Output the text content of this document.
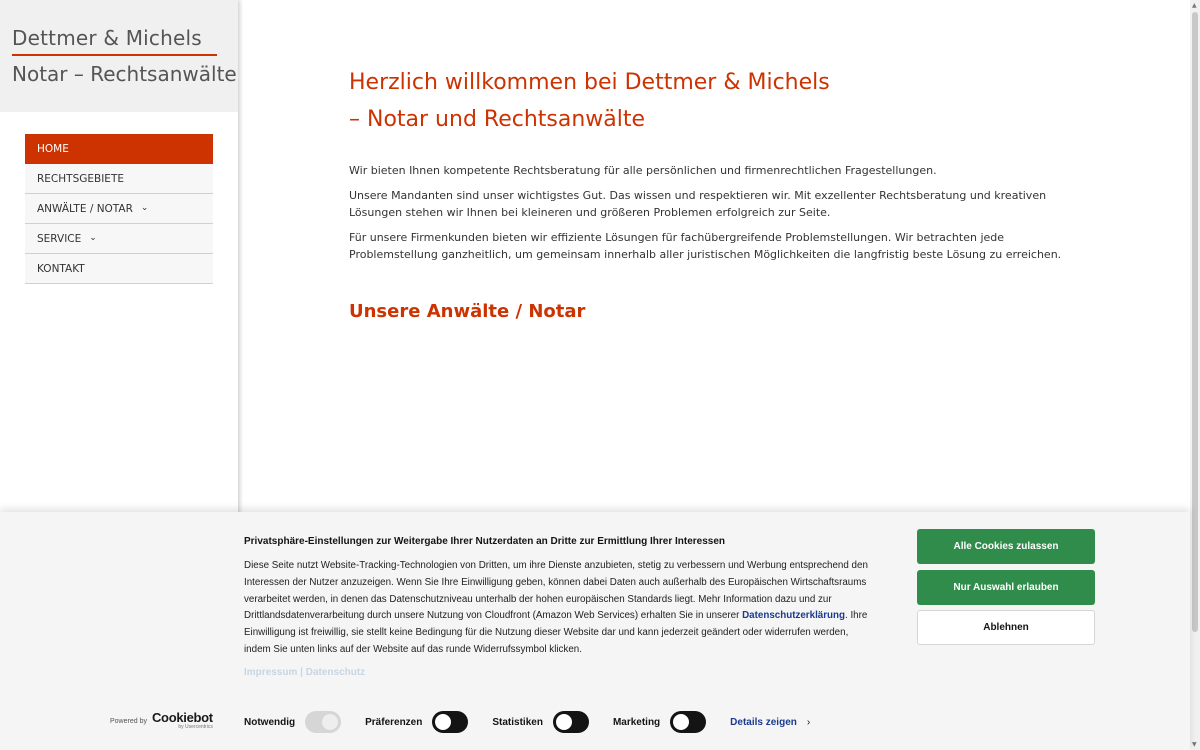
Dettmer & Michels
Notar – Rechtsanwälte
HOME
RECHTSGEBIETE
ANWÄLTE / NOTAR ⌄
SERVICE ⌄
KONTAKT
Herzlich willkommen bei Dettmer & Michels
– Notar und Rechtsanwälte

Wir bieten Ihnen kompetente Rechtsberatung für alle persönlichen und firmenrechtlichen Fragestellungen.

Unsere Mandanten sind unser wichtigstes Gut. Das wissen und respektieren wir. Mit exzellenter Rechtsberatung und kreativen Lösungen stehen wir Ihnen bei kleineren und größeren Problemen erfolgreich zur Seite.

Für unsere Firmenkunden bieten wir effiziente Lösungen für fachübergreifende Problemstellungen. Wir betrachten jede Problemstellung ganzheitlich, um gemeinsam innerhalb aller juristischen Möglichkeiten die langfristig beste Lösung zu erreichen.

Unsere Anwälte / Notar
▲
▼
Privatsphäre-Einstellungen zur Weitergabe Ihrer Nutzerdaten an Dritte zur Ermittlung Ihrer Interessen
Diese Seite nutzt Website-Tracking-Technologien von Dritten, um ihre Dienste anzubieten, stetig zu verbessern und Werbung entsprechend den Interessen der Nutzer anzuzeigen. Wenn Sie Ihre Einwilligung geben, können dabei Daten auch außerhalb des Europäischen Wirtschaftsraums verarbeitet werden, in denen das Datenschutzniveau unterhalb der hohen europäischen Standards liegt. Mehr Information dazu und zur Drittlandsdatenverarbeitung durch unsere Nutzung von Cloudfront (Amazon Web Services) erhalten Sie in unserer Datenschutzerklärung. Ihre Einwilligung ist freiwillig, sie stellt keine Bedingung für die Nutzung dieser Website dar und kann jederzeit geändert oder widerrufen werden, indem Sie unten links auf der Website auf das runde Widerrufssymbol klicken.
Impressum | Datenschutz
Alle Cookies zulassen
Nur Auswahl erlauben
Ablehnen
Powered by Cookiebot
by Usercentrics	Notwendig	Präferenzen	Statistiken	Marketing	Details zeigen ›
